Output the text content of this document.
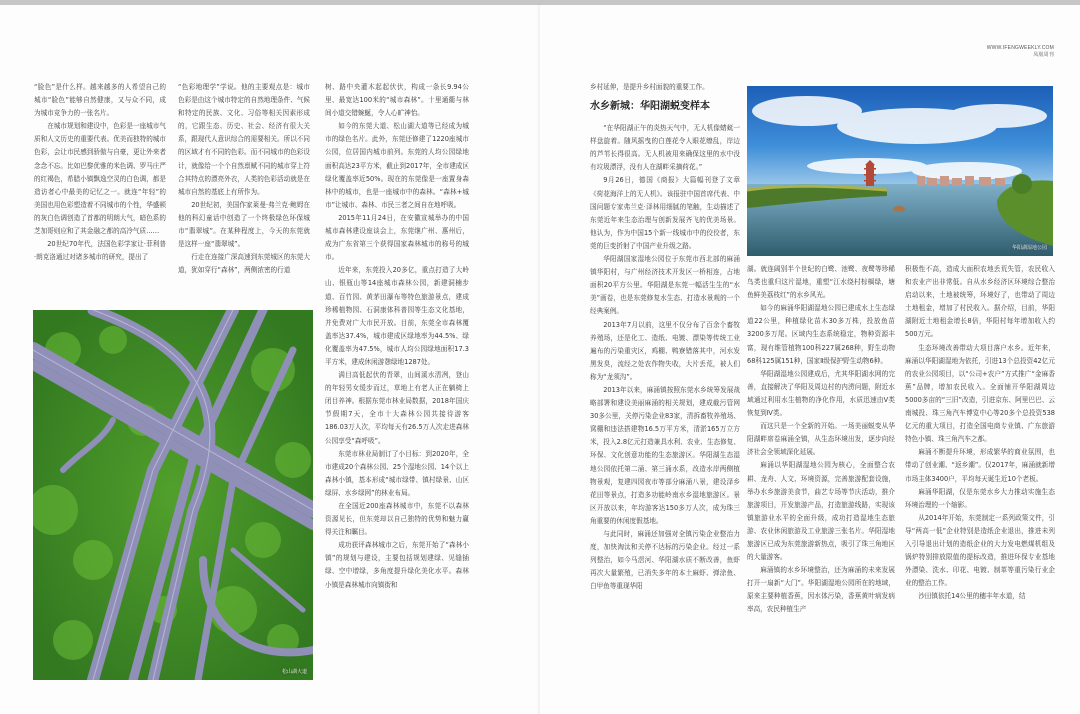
“脸色”是什么样。越来越多的人希望自己的城市“脸色”能够自然健康，又与众不同，成为城市竞争力的一张名片。

在城市规划和建设中，色彩是一座城市气质和人文历史的重要代表。优美而独特的城市色彩，会让市民感到骄傲与自豪，更让外来者念念不忘。比如巴黎优雅的米色调、罗马庄严的红褐色，希腊小镇飘逸空灵的白色调，都是造访者心中最美的记忆之一。就连“年轻”的美国也用色彩塑造着不同城市的个性，华盛顿的灰白色调创造了首都的明朗大气，暗色系的芝加哥则应和了其金融之都的高冷气质……

20世纪70年代，法国色彩学家让·菲利普·朗克洛通过对诸多城市的研究，提出了

“色彩地理学”学说。他的主要观点是：城市色彩是由这个城市特定的自然地理条件、气候和特定的民族、文化、习俗等相关因素形成的，它跟生态、历史、社会、经济有很大关系，跟现代人意识综合的需要相关。所以不同的区域才有不同的色彩。而不同城市的色彩设计，就像给一个个自然禀赋不同的城市穿上符合其特点的漂亮外衣，人类的色彩活动就是在城市自然的基底上有所作为。

20世纪初，美国作家莱曼·弗兰克·鲍姆在他的科幻童话中创造了一个终极绿色环保城市“翡翠城”。在某种程度上，今天的东莞就是这样一座“翡翠城”。

行走在连接广深高速到东莞城区的东莞大道，犹如穿行“森林”，两侧浓密的行道

树、路中央灌木起起伏伏，构成一条长9.94公里、最宽达100米的“城市森林”。十里通衢与林间小道交错蜿蜒，令人心旷神怡。

如今的东莞大道、松山湖大道等已经成为城市的绿色名片。此外，东莞还修建了1220座城市公园，位居国内城市前列。东莞的人均公园绿地面积高达23平方米，截止到2017年，全市建成区绿化覆盖率近50%。现在的东莞像是一座置身森林中的城市，也是一座城市中的森林。“森林+城市”让城市、森林、市民三者之间自在地呼吸。

2015年11月24日，在安徽宣城举办的中国城市森林建设座谈会上，东莞继广州、惠州后，成为广东省第三个获得国家森林城市的称号的城市。

近年来，东莞投入20多亿，重点打造了大岭山、银瓶山等14座城市森林公园，新建洞楠步道、百竹园、黄茅田瀑布等特色旅游景点，建成珍稀植物园、石洞康体科普园等生态文化基地，并免费对广大市民开放。目前，东莞全市森林覆盖率达37.4%，城市建成区绿地率为44.5%、绿化覆盖率为47.5%，城市人均公园绿地面积17.3平方米，建成休闲游憩绿地1287处。

满目高低起伏的青翠，山间溪水清冽，登山的年轻男女缓步而过，草地上有老人正在躺椅上闭目养神。根据东莞市林业局数据，2018年国庆节假期7天，全市十大森林公园共接待游客186.03万人次，平均每天有26.5万人次走进森林公园享受“森呼吸”。

东莞市林业局制订了小目标：到2020年，全市建成20个森林公园、25个湿地公园、14个以上森林小镇，基本形成“城市绿带、镇村绿景、山区绿屏、水乡绿网”的林业布局。

在全国近200座森林城市中，东莞不以森林资源见长，但东莞却以自己独特的优势和魅力赢得关注和瞩目。

成功获评森林城市之后，东莞开始了“森林小镇”的规划与建设，主要包括规划建绿、见缝插绿、空中增绿，多角度提升绿化美化水平。森林小镇是森林城市向镇街和

松山湖大道
WWW.IFENGWEEKLY.COM
凤凰周刊

乡村延伸，是提升乡村面貌的重要工作。

水乡新城：华阳湖蜕变样本

“在华阳湖正午的炎热天气中，无人机像蜻蜓一样盘旋着。随风摇曳的白莲花令人眼花缭乱，岸边的芦苇长得很高。无人机被用来确保这里的水中没有垃圾漂浮，没有人在湖畔采摘荷花。”

9月26日，德国《商报》大篇幅刊登了文章《荷花海洋上的无人机》。该报驻中国首席代表、中国问题专家弗兰克·泽林用细腻的笔触，生动描述了东莞近年来生态治理与创新发展齐飞的优美场景。他认为，作为中国15个新一线城市中的佼佼者，东莞的巨变折射了中国产业升级之路。

华阳湖国家湿地公园位于东莞市西北部的麻涌镇华阳村，与广州经济技术开发区一桥相连，占地面积20平方公里。华阳湖是东莞一幅活生生的“水美”画卷，也是东莞修复水生态、打造水景观的一个经典案例。

2013年7月以前，这里不仅分布了百余个畜牧养殖场，还是化工、造纸、电镀、漂染等传统工业遍布的污染重灾区，鸡棚、鸭寮错落其中，河水发黑发臭，流经之处农作物失收，大片丢荒，被人们称为“龙须沟”。

2013年以来，麻涌镇按照东莞水乡统筹发展战略部署和建设美丽麻涌的相关规划，建成截污管网30多公里，关停污染企业83家，清拆畜牧养殖场、窝棚和违法搭建物16.5万平方米，清淤165万立方米，投入2.8亿元打造兼具水利、农业、生态修复、环保、文化创意功能的生态旅游区。华阳湖生态湿地公园依托第二涌、第三涌水系，改造水岸两侧植物景观，复建四园夜市等部分麻涌八景，建设泽乡花田等景点，打造多功能岭南水乡湿地旅游区。景区开放以来，年均游客达150多万人次，成为珠三角重要的休闲度假基地。

与此同时，麻涌还加强对全镇污染企业整治力度，加快淘汰和关停不达标的污染企业。经过一系列整治，如今马滘河、华阳湖水质不断改善，鱼虾再次大量繁殖，已消失多年的本土麻虾、弹涂鱼、白甲鱼等重现华阳

华阳湖湿地公园

湖。就连阔别半个世纪的白鹭、池鹭、夜鹭等珍稀鸟类也重归这片湿地，重塑“江水绕村棕榈绿，塘鱼鲜美荔枝红”的水乡风光。

如今的麻涌华阳湖湿地公园已建成水上生态绿道22公里，种植绿化苗木30多万株，投放鱼苗3200多万尾。区域内生态系统稳定，物种资源丰富，现有维管植物100科227属268种，野生动物68科125属151种，国家Ⅱ级保护野生动物6种。

华阳湖湿地公园建成后，尤其华阳湖水网的完善，直接解决了华阳及周边村的内涝问题，附近水域通过利用水生植物的净化作用，水质迅速由Ⅴ类恢复到Ⅳ类。

而这只是一个全新的开始。一场美丽蜕变从华阳湖畔席卷麻涌全镇，从生态环境出发，逐步向经济社会全领域深化延展。

麻涌以华阳湖湿地公园为核心，全面整合农耕、龙舟、人文、环境资源，完善旅游配套设施，举办水乡旅游美食节，曲艺专场等节庆活动，推介旅游项目，开发旅游产品，打造旅游线路，实现该镇旅游业水平的全面升级，成功打造湿地生态旅游、农业休闲旅游及工业旅游三张名片。华阳湿地旅游区已成为东莞旅游新热点，吸引了珠三角地区的大量游客。

麻涌镇的水乡环境整治，还为麻涌的未来发展打开一扇新“大门”。华阳湖湿地公园所在的地域，原来主要种植香蕉，因水体污染，香蕉黄叶病发病率高，农民种植生产

积极性不高，造成大面积农地丢荒失管，农民收入和农业产出非常低。自从水乡经济区环境综合整治启动以来，土地被统筹，环境好了，也带动了周边土地租金，增加了村民收入。据介绍，目前，华阳湖附近土地租金增长8倍，华阳村每年增加收入约500万元。

生态环境改善带动大项目落户水乡。近年来，麻涌以华阳湖湿地为依托，引进13个总投资42亿元的农业公园项目，以“公司+农户”方式推广“金麻香蕉”品牌，增加农民收入。全面铺开华阳湖周边5000多亩的“三旧”改造，引进京东、阿里巴巴、云南城投、珠三角汽车博览中心等20多个总投资538亿元的重大项目，打造全国电商专业镇、广东旅游特色小镇、珠三角汽车之都。

麻涌不断提升环境，形成繁华的商业氛围，也带动了创业潮、“返乡潮”。仅2017年，麻涌就新增市场主体3400户，平均每天诞生近10个老板。

麻涌华阳湖，仅是东莞水乡大力推动实施生态环境治理的一个缩影。

从2014年开始，东莞制定一系列政策文件，引导“两高一低”企业特别是造纸企业退出，推进未列入引导退出计划的造纸企业的大力发电燃煤机组及锅炉特别排放限值的提标改造，推进环保专业基地外漂染、洗水、印花、电镀、制革等重污染行业企业的整治工作。

沙田镇依托14公里的穗丰年水道，结
